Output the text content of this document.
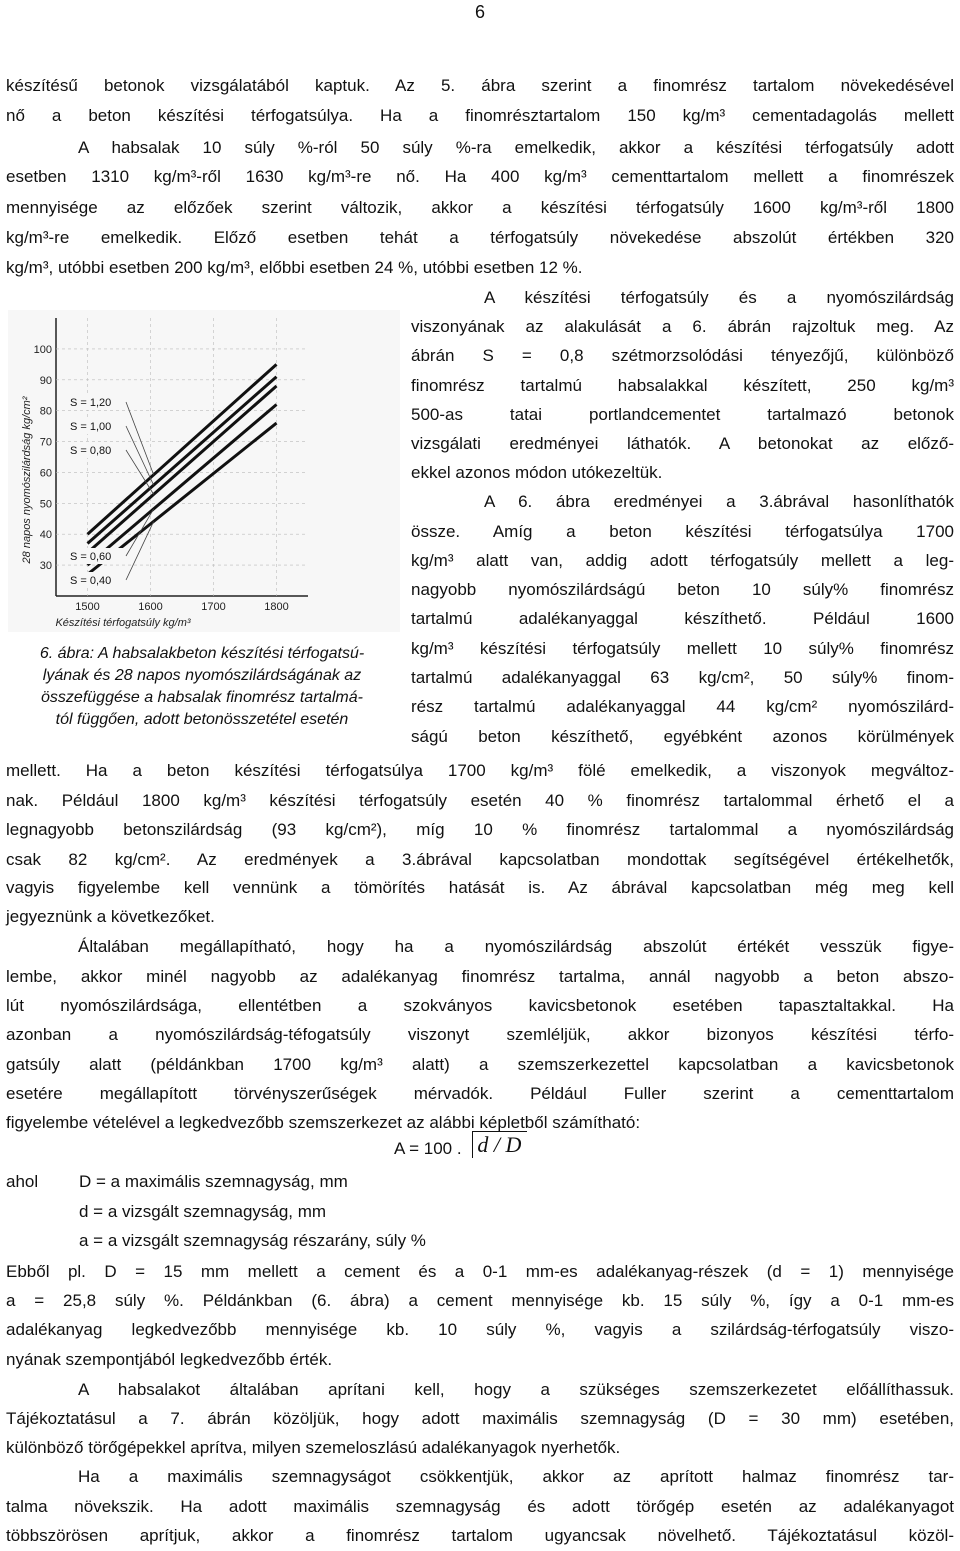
6
készítésű betonok vizsgálatából kaptuk. Az 5. ábra szerint a finomrész tartalom növekedésével
nő a beton készítési térfogatsúlya. Ha a finomrésztartalom 150 kg/m³ cementadagolás mellett
A habsalak 10 súly %-ról 50 súly %-ra emelkedik, akkor a készítési térfogatsúly adott
esetben 1310 kg/m³-ről 1630 kg/m³-re nő. Ha 400 kg/m³ cementtartalom mellett a finomrészek
mennyisége az előzőek szerint változik, akkor a készítési térfogatsúly 1600 kg/m³-ről 1800
kg/m³-re emelkedik. Előző esetben tehát a térfogatsúly növekedése abszolút értékben 320
kg/m³, utóbbi esetben 200 kg/m³, előbbi esetben 24 %, utóbbi esetben 12 %.
A készítési térfogatsúly és a nyomószilárdság
viszonyának az alakulását a 6. ábrán rajzoltuk meg. Az
ábrán S = 0,8 szétmorzsolódási tényezőjű, különböző
finomrész tartalmú habsalakkal készített, 250 kg/m³
500-as tatai portlandcementet tartalmazó betonok
vizsgálati eredményei láthatók. A betonokat az előző-
ekkel azonos módon utókezeltük.
A 6. ábra eredményei a 3.ábrával hasonlíthatók
össze. Amíg a beton készítési térfogatsúlya 1700
kg/m³ alatt van, addig adott térfogatsúly mellett a leg-
nagyobb nyomószilárdságú beton 10 súly% finomrész
tartalmú adalékanyaggal készíthető. Például 1600
kg/m³ készítési térfogatsúly mellett 10 súly% finomrész
tartalmú adalékanyaggal 63 kg/cm², 50 súly% finom-
rész tartalmú adalékanyaggal 44 kg/cm² nyomószilárd-
ságú beton készíthető, egyébként azonos körülmények
30
40
50
60
70
80
90
100
1500	1600	1700	1800
S = 1,20
S = 1,00
S = 0,80
S = 0,60
S = 0,40
28 napos nyomószilárdság kg/cm²
Készítési térfogatsúly kg/m³
6. ábra: A habsalakbeton készítési térfogatsú-
lyának és 28 napos nyomószilárdságának az
összefüggése a habsalak finomrész tartalmá-
tól függően, adott betonösszetétel esetén
mellett. Ha a beton készítési térfogatsúlya 1700 kg/m³ fölé emelkedik, a viszonyok megváltoz-
nak. Például 1800 kg/m³ készítési térfogatsúly esetén 40 % finomrész tartalommal érhető el a
legnagyobb betonszilárdság (93 kg/cm²), míg 10 % finomrész tartalommal a nyomószilárdság
csak 82 kg/cm². Az eredmények a 3.ábrával kapcsolatban mondottak segítségével értékelhetők,
vagyis figyelembe kell vennünk a tömörítés hatását is. Az ábrával kapcsolatban még meg kell
jegyeznünk a következőket.
Általában megállapítható, hogy ha a nyomószilárdság abszolút értékét vesszük figye-
lembe, akkor minél nagyobb az adalékanyag finomrész tartalma, annál nagyobb a beton abszo-
lút nyomószilárdsága, ellentétben a szokványos kavicsbetonok esetében tapasztaltakkal. Ha
azonban a nyomószilárdság-téfogatsúly viszonyt szemléljük, akkor bizonyos készítési térfo-
gatsúly alatt (példánkban 1700 kg/m³ alatt) a szemszerkezettel kapcsolatban a kavicsbetonok
esetére megállapított törvényszerűségek mérvadók. Például Fuller szerint a cementtartalom
figyelembe vételével a legkedvezőbb szemszerkezet az alábbi képletből számítható:
A = 100 . d / D
ahol D = a maximális szemnagyság, mm
d = a vizsgált szemnagyság, mm
a = a vizsgált szemnagyság részarány, súly %
Ebből pl. D = 15 mm mellett a cement és a 0-1 mm-es adalékanyag-részek (d = 1) mennyisége
a = 25,8 súly %. Példánkban (6. ábra) a cement mennyisége kb. 15 súly %, így a 0-1 mm-es
adalékanyag legkedvezőbb mennyisége kb. 10 súly %, vagyis a szilárdság-térfogatsúly viszo-
nyának szempontjából legkedvezőbb érték.
A habsalakot általában aprítani kell, hogy a szükséges szemszerkezetet előállíthassuk.
Tájékoztatásul a 7. ábrán közöljük, hogy adott maximális szemnagyság (D = 30 mm) esetében,
különböző törőgépekkel aprítva, milyen szemeloszlású adalékanyagok nyerhetők.
Ha a maximális szemnagyságot csökkentjük, akkor az aprított halmaz finomrész tar-
talma növekszik. Ha adott maximális szemnagyság és adott törőgép esetén az adalékanyagot
többszörösen aprítjuk, akkor a finomrész tartalom ugyancsak növelhető. Tájékoztatásul közöl-
